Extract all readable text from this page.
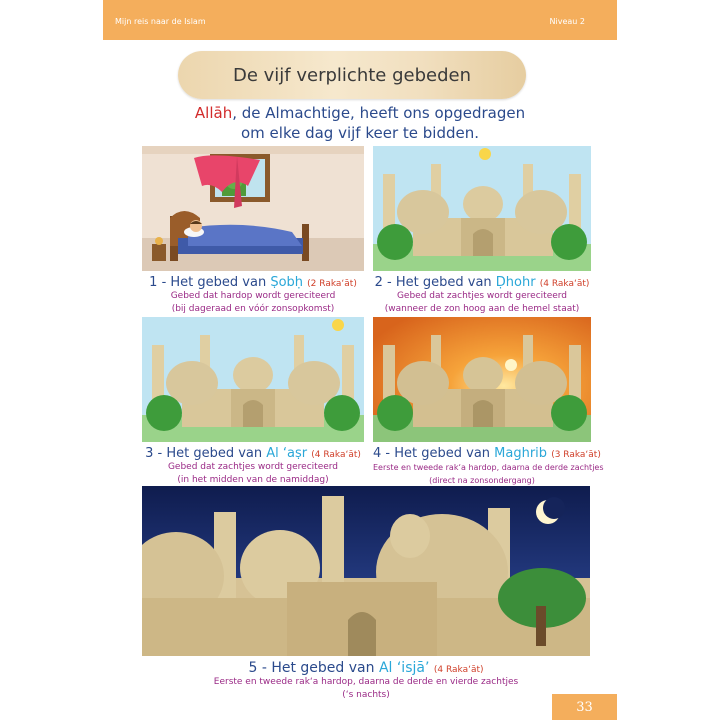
Mijn reis naar de Islam	Niveau 2
De vijf verplichte gebeden
Allāh, de Almachtige, heeft ons opgedragen
om elke dag vijf keer te bidden.
1 - Het gebed van Ṣobḥ (2 Raka‘āt)
Gebed dat hardop wordt gereciteerd
(bij dageraad en vóór zonsopkomst)
2 - Het gebed van Ḍhohr (4 Raka‘āt)
Gebed dat zachtjes wordt gereciteerd
(wanneer de zon hoog aan de hemel staat)
3 - Het gebed van Al ‘aṣr (4 Raka‘āt)
Gebed dat zachtjes wordt gereciteerd
(in het midden van de namiddag)
4 - Het gebed van Maghrib (3 Raka‘āt)
Eerste en tweede rak‘a hardop, daarna de derde zachtjes
(direct na zonsondergang)
5 - Het gebed van Al ‘isjā’ (4 Raka‘āt)
Eerste en tweede rak‘a hardop, daarna de derde en vierde zachtjes
(‘s nachts)
33
